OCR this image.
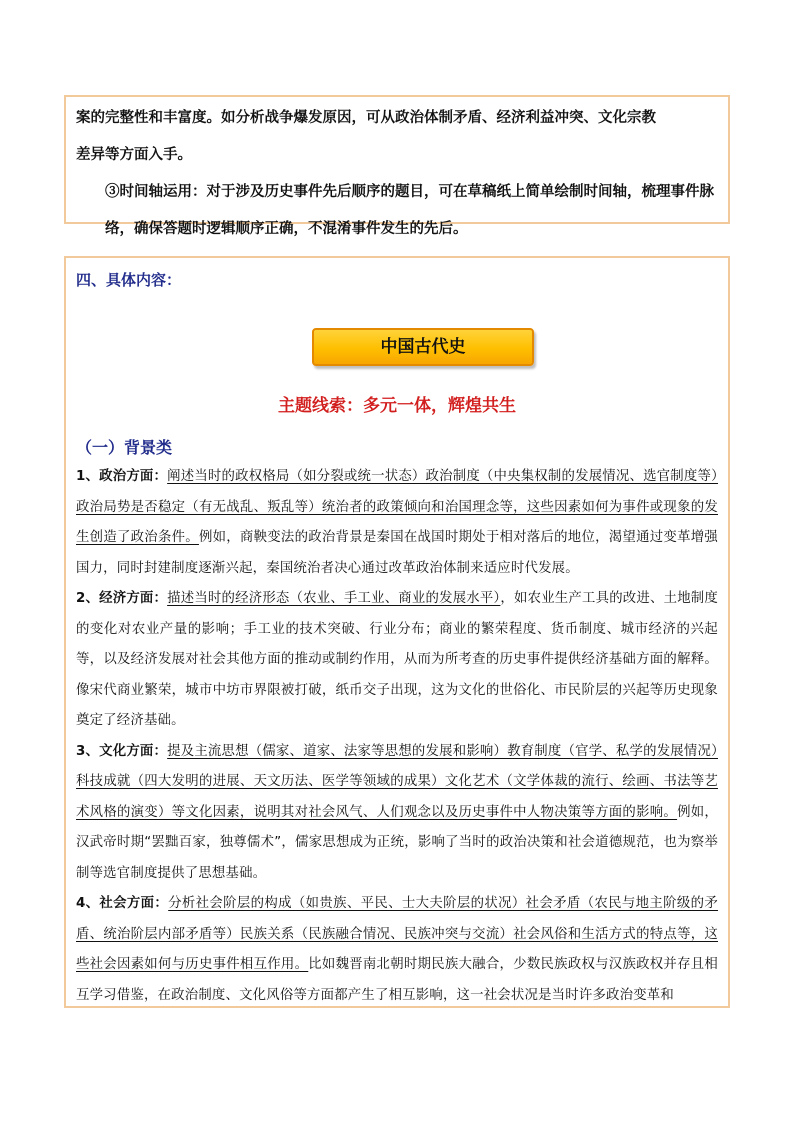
案的完整性和丰富度。如分析战争爆发原因，可从政治体制矛盾、经济利益冲突、文化宗教
差异等方面入手。
③时间轴运用：对于涉及历史事件先后顺序的题目，可在草稿纸上简单绘制时间轴，梳理事件脉络，确保答题时逻辑顺序正确，不混淆事件发生的先后。
四、具体内容：
中国古代史
主题线索：多元一体，辉煌共生
（一）背景类
1、政治方面：阐述当时的政权格局（如分裂或统一状态）政治制度（中央集权制的发展情况、选官制度等）政治局势是否稳定（有无战乱、叛乱等）统治者的政策倾向和治国理念等，这些因素如何为事件或现象的发生创造了政治条件。例如，商鞅变法的政治背景是秦国在战国时期处于相对落后的地位，渴望通过变革增强国力，同时封建制度逐渐兴起，秦国统治者决心通过改革政治体制来适应时代发展。
2、经济方面：描述当时的经济形态（农业、手工业、商业的发展水平），如农业生产工具的改进、土地制度的变化对农业产量的影响；手工业的技术突破、行业分布；商业的繁荣程度、货币制度、城市经济的兴起等，以及经济发展对社会其他方面的推动或制约作用，从而为所考查的历史事件提供经济基础方面的解释。像宋代商业繁荣，城市中坊市界限被打破，纸币交子出现，这为文化的世俗化、市民阶层的兴起等历史现象奠定了经济基础。
3、文化方面：提及主流思想（儒家、道家、法家等思想的发展和影响）教育制度（官学、私学的发展情况）科技成就（四大发明的进展、天文历法、医学等领域的成果）文化艺术（文学体裁的流行、绘画、书法等艺术风格的演变）等文化因素，说明其对社会风气、人们观念以及历史事件中人物决策等方面的影响。例如，汉武帝时期“罢黜百家，独尊儒术”，儒家思想成为正统，影响了当时的政治决策和社会道德规范，也为察举制等选官制度提供了思想基础。
4、社会方面：分析社会阶层的构成（如贵族、平民、士大夫阶层的状况）社会矛盾（农民与地主阶级的矛盾、统治阶层内部矛盾等）民族关系（民族融合情况、民族冲突与交流）社会风俗和生活方式的特点等，这些社会因素如何与历史事件相互作用。比如魏晋南北朝时期民族大融合，少数民族政权与汉族政权并存且相互学习借鉴，在政治制度、文化风俗等方面都产生了相互影响，这一社会状况是当时许多政治变革和
